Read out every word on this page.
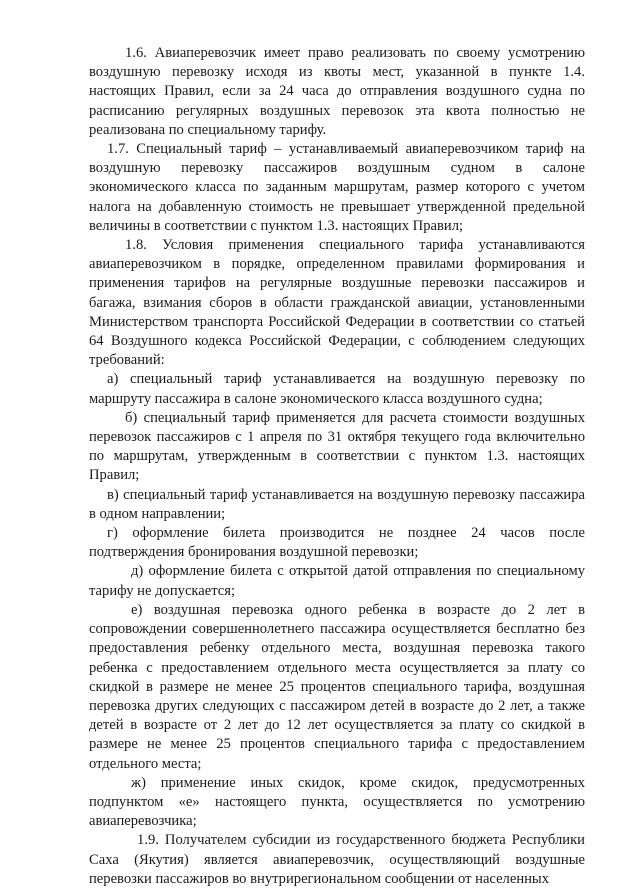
1.6. Авиаперевозчик имеет право реализовать по своему усмотрению воздушную перевозку исходя из квоты мест, указанной в пункте 1.4. настоящих Правил, если за 24 часа до отправления воздушного судна по расписанию регулярных воздушных перевозок эта квота полностью не реализована по специальному тарифу.

1.7. Специальный тариф – устанавливаемый авиаперевозчиком тариф на воздушную перевозку пассажиров воздушным судном в салоне экономического класса по заданным маршрутам, размер которого с учетом налога на добавленную стоимость не превышает утвержденной предельной величины в соответствии с пунктом 1.3. настоящих Правил;

1.8. Условия применения специального тарифа устанавливаются авиаперевозчиком в порядке, определенном правилами формирования и применения тарифов на регулярные воздушные перевозки пассажиров и багажа, взимания сборов в области гражданской авиации, установленными Министерством транспорта Российской Федерации в соответствии со статьей 64 Воздушного кодекса Российской Федерации, с соблюдением следующих требований:

а) специальный тариф устанавливается на воздушную перевозку по маршруту пассажира в салоне экономического класса воздушного судна;

б) специальный тариф применяется для расчета стоимости воздушных перевозок пассажиров с 1 апреля по 31 октября текущего года включительно по маршрутам, утвержденным в соответствии с пунктом 1.3. настоящих Правил;

в) специальный тариф устанавливается на воздушную перевозку пассажира в одном направлении;

г) оформление билета производится не позднее 24 часов после подтверждения бронирования воздушной перевозки;

д) оформление билета с открытой датой отправления по специальному тарифу не допускается;

е) воздушная перевозка одного ребенка в возрасте до 2 лет в сопровождении совершеннолетнего пассажира осуществляется бесплатно без предоставления ребенку отдельного места, воздушная перевозка такого ребенка с предоставлением отдельного места осуществляется за плату со скидкой в размере не менее 25 процентов специального тарифа, воздушная перевозка других следующих с пассажиром детей в возрасте до 2 лет, а также детей в возрасте от 2 лет до 12 лет осуществляется за плату со скидкой в размере не менее 25 процентов специального тарифа с предоставлением отдельного места;

ж) применение иных скидок, кроме скидок, предусмотренных подпунктом «е» настоящего пункта, осуществляется по усмотрению авиаперевозчика;

1.9. Получателем субсидии из государственного бюджета Республики Саха (Якутия) является авиаперевозчик, осуществляющий воздушные перевозки пассажиров во внутрирегиональном сообщении от населенных
